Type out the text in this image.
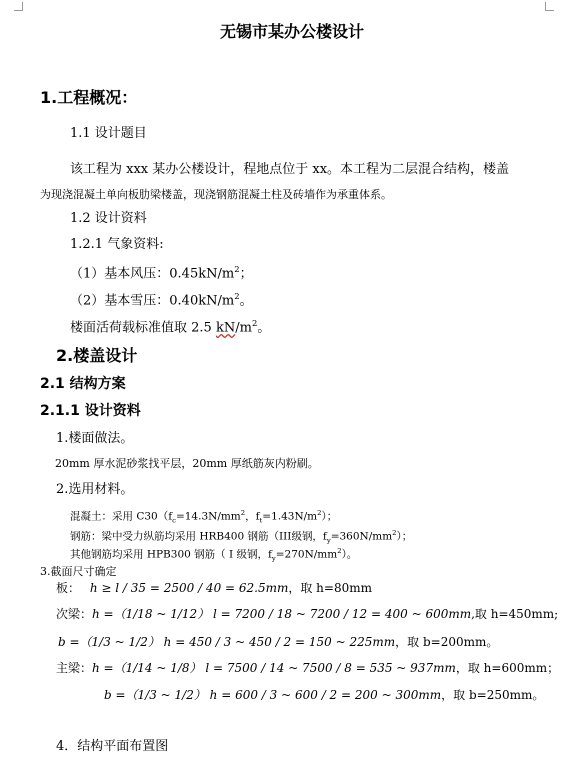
无锡市某办公楼设计
1.工程概况：
1.1 设计题目
该工程为 xxx 某办公楼设计，程地点位于 xx。本工程为二层混合结构，楼盖
为现浇混凝土单向板肋梁楼盖，现浇钢筋混凝土柱及砖墙作为承重体系。
1.2 设计资料
1.2.1 气象资料:
（1）基本风压：$0.45kN/m^2$；
（2）基本雪压：$0.40kN/m^2$。
楼面活荷载标准值取 2.5 $kN/m^2$。
2.楼盖设计
2.1 结构方案
2.1.1 设计资料
1.楼面做法。
20mm 厚水泥砂浆找平层，20mm 厚纸筋灰内粉刷。
2.选用材料。
混凝土：采用 $C30(f_c=14.3N/mm^2$，$f_t=1.43N/m^2$）；
钢筋：梁中受力纵筋均采用 HRB400 钢筋（III级钢，$f_y=360N/mm^2$）；
其他钢筋均采用 HPB300 钢筋（ I 级钢，$f_y=270N/mm^2$）。
3.截面尺寸确定
板： h ≥ l / 35 = 2500 / 40 = 62.5mm，取 h=80mm
次梁：h =（1/18 ~ 1/12） l = 7200 / 18 ~ 7200 / 12 = 400 ~ 600mm,取 h=450mm;
b =（1/3 ~ 1/2） h = 450 / 3 ~ 450 / 2 = 150 ~ 225mm，取 b=200mm。
主梁：h =（1/14 ~ 1/8） l = 7500 / 14 ~ 7500 / 8 = 535 ~ 937mm，取 h=600mm；
b =（1/3 ~ 1/2） h = 600 / 3 ~ 600 / 2 = 200 ~ 300mm，取 b=250mm。
4．结构平面布置图
